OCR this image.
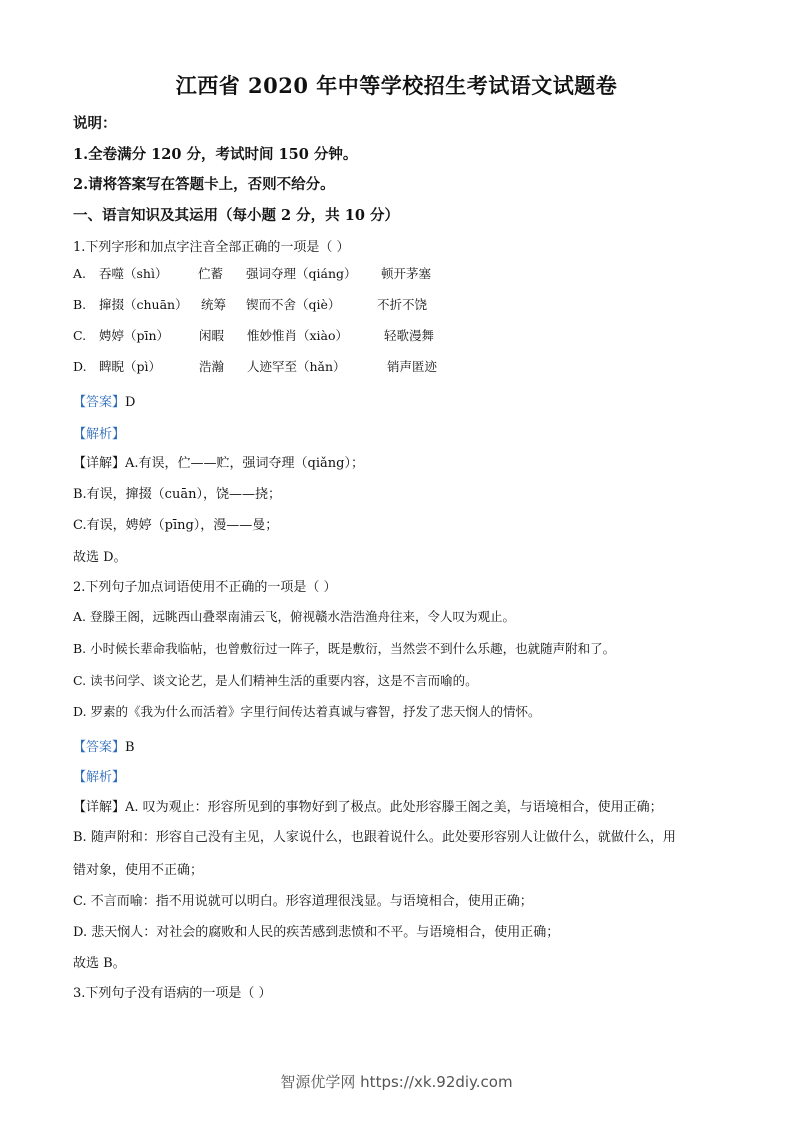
江西省 2020 年中等学校招生考试语文试题卷
说明：
1.全卷满分 120 分，考试时间 150 分钟。
2.请将答案写在答题卡上，否则不给分。
一、语言知识及其运用（每小题 2 分，共 10 分）
1.下列字形和加点字注音全部正确的一项是（ ）
A. 吞噬（shì） 伫蓄 强词夺理（qiáng） 顿开茅塞
B. 撺掇（chuān） 统筹 锲而不舍（qiè）	不折不饶
C. 娉婷（pīn） 闲暇 惟妙惟肖（xiào）	轻歌漫舞
D. 睥睨（pì）	浩瀚 人迹罕至（hǎn）	销声匿迹
【答案】D
【解析】
【详解】A.有误，伫——贮，强词夺理（qiǎng）；
B.有误，撺掇（cuān），饶——挠；
C.有误，娉婷（pīng），漫——曼；
故选 D。
2.下列句子加点词语使用不正确的一项是（ ）
A. 登滕王阁，远眺西山叠翠南浦云飞，俯视赣水浩浩渔舟往来，令人叹为观止。
B. 小时候长辈命我临帖，也曾敷衍过一阵子，既是敷衍，当然尝不到什么乐趣，也就随声附和了。
C. 读书问学、谈文论艺，是人们精神生活的重要内容，这是不言而喻的。
D. 罗素的《我为什么而活着》字里行间传达着真诚与睿智，抒发了悲天悯人的情怀。
【答案】B
【解析】
【详解】A. 叹为观止：形容所见到的事物好到了极点。此处形容滕王阁之美，与语境相合，使用正确；
B. 随声附和：形容自己没有主见，人家说什么，也跟着说什么。此处要形容别人让做什么，就做什么，用
错对象，使用不正确；
C. 不言而喻：指不用说就可以明白。形容道理很浅显。与语境相合，使用正确；
D. 悲天悯人：对社会的腐败和人民的疾苦感到悲愤和不平。与语境相合，使用正确；
故选 B。
3.下列句子没有语病的一项是（ ）
智源优学网 https://xk.92diy.com
